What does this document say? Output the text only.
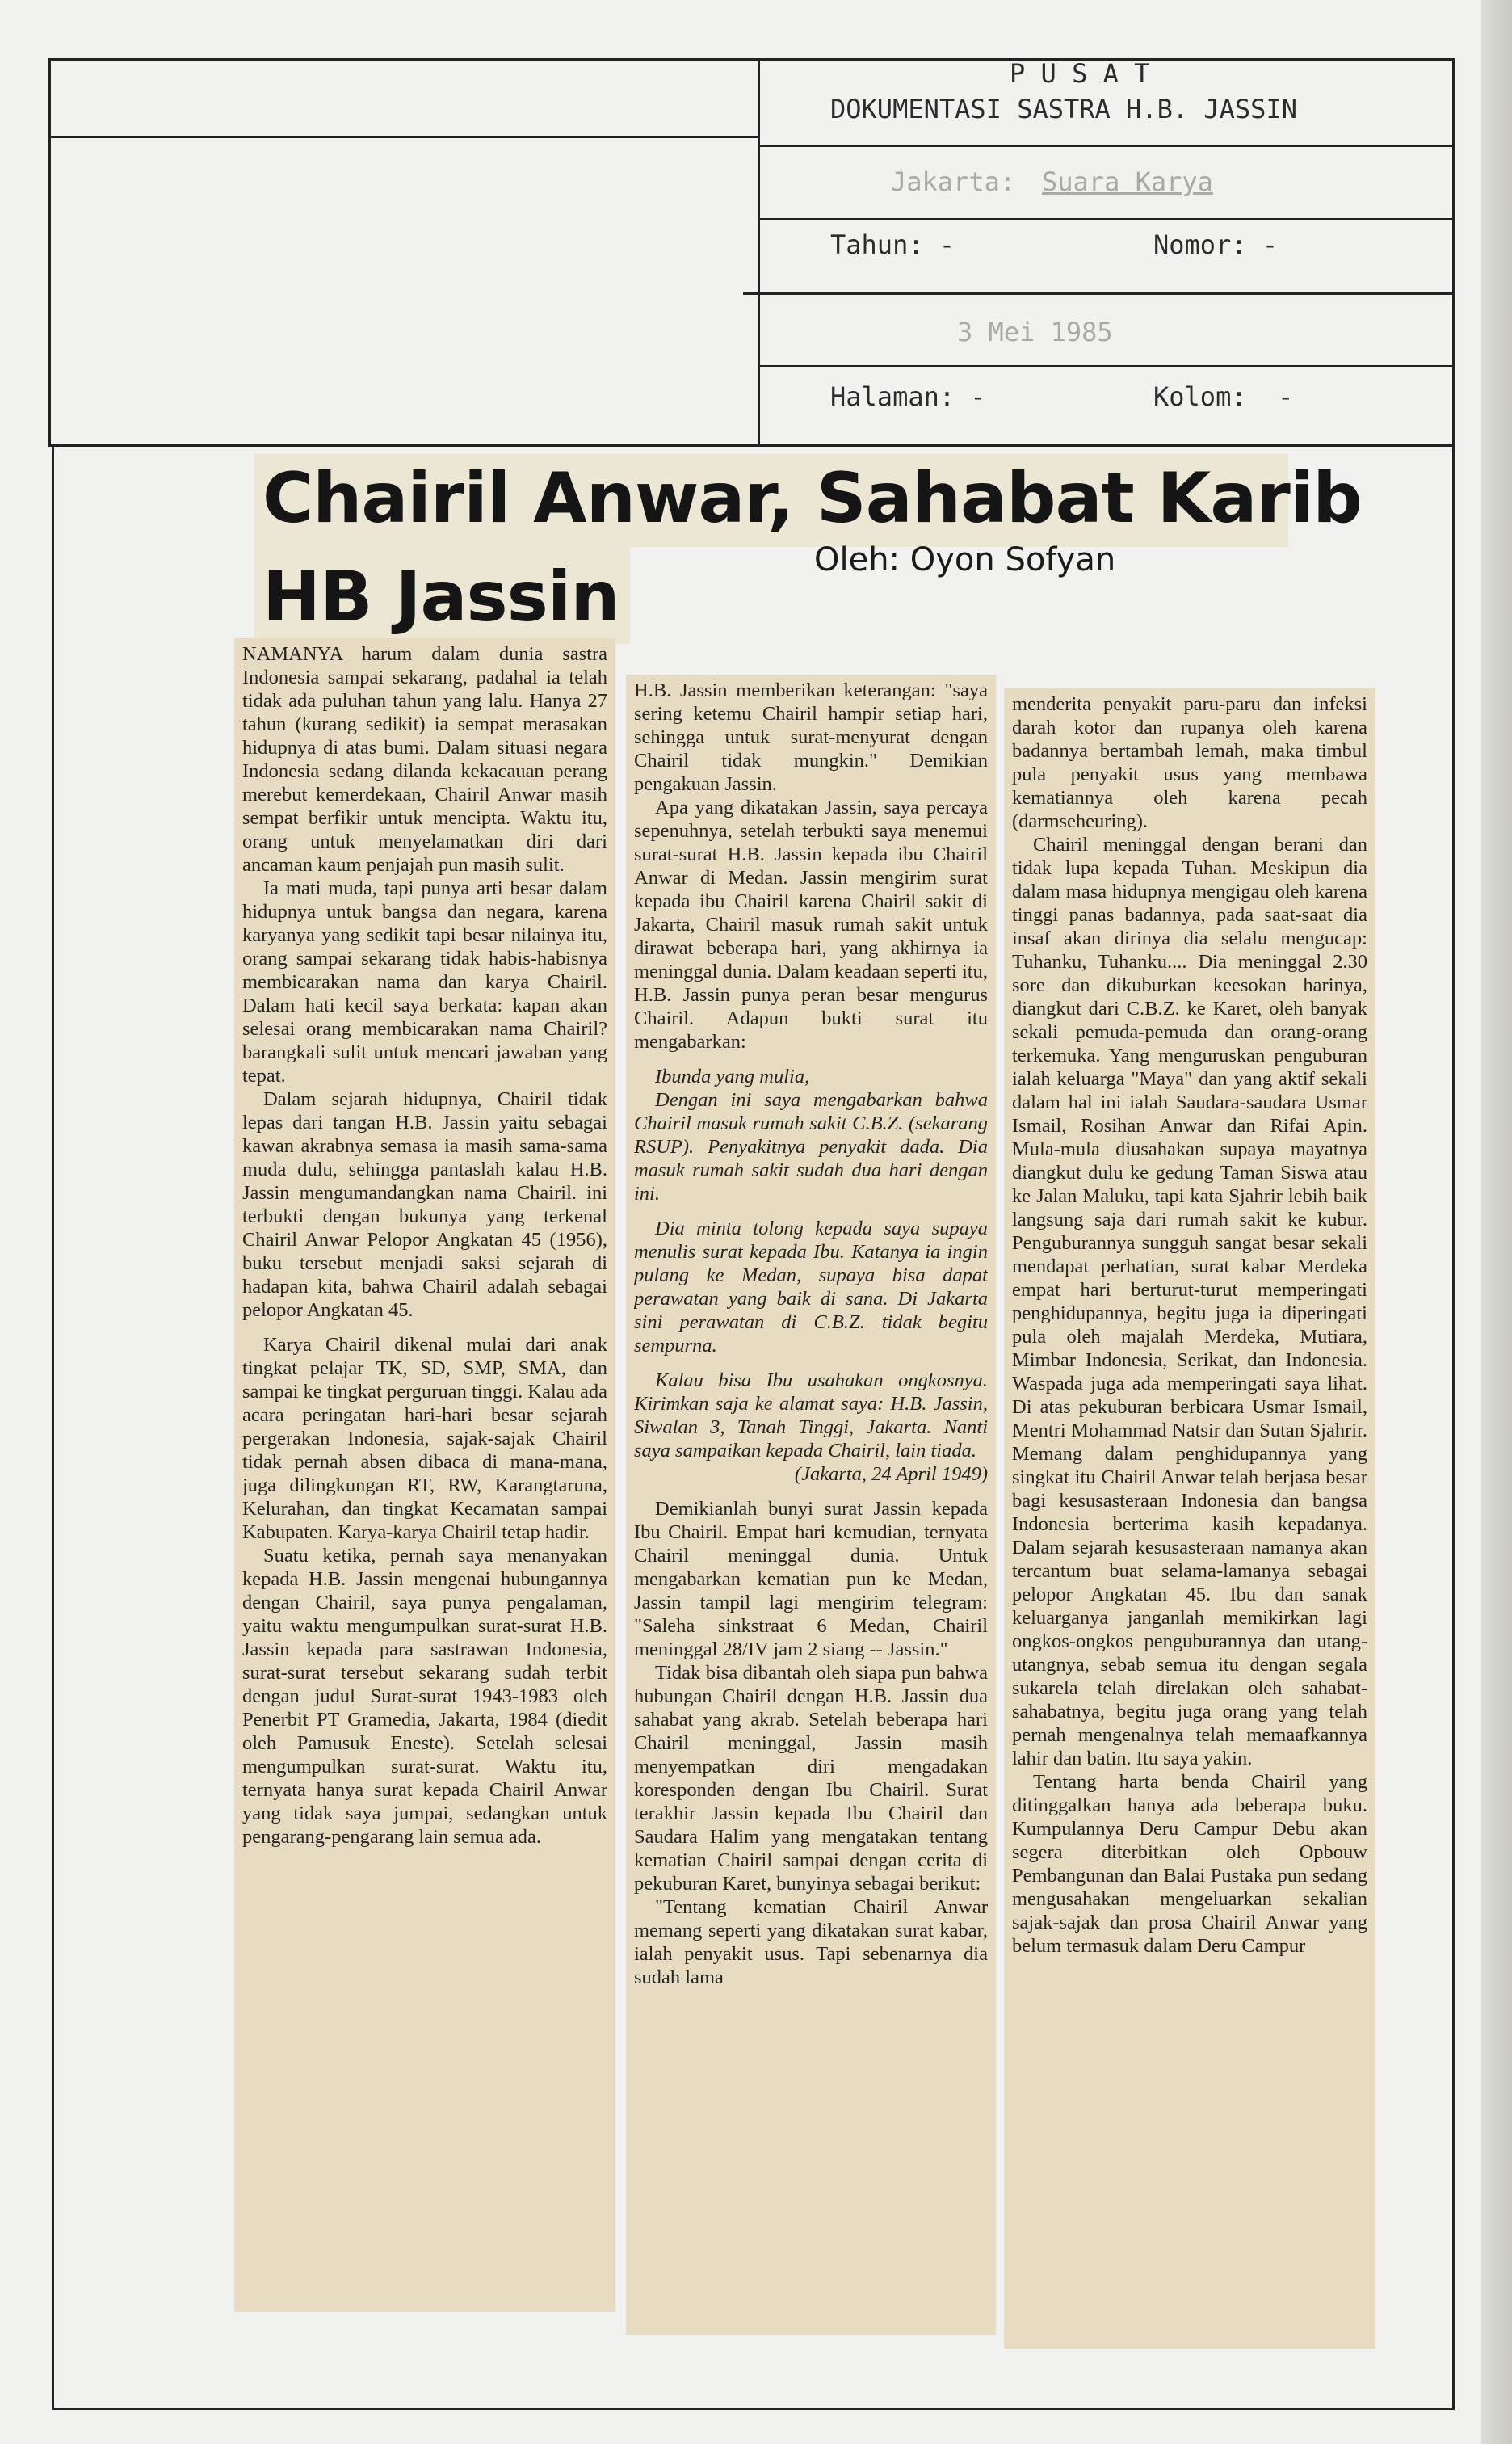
P U S A T
DOKUMENTASI SASTRA H.B. JASSIN
Jakarta: Suara Karya
Tahun: -	Nomor: -
3 Mei 1985
Halaman: -	Kolom:  -
Chairil Anwar, Sahabat Karib
HB Jassin	Oleh: Oyon Sofyan

NAMANYA harum dalam dunia sastra Indonesia sampai sekarang, padahal ia telah tidak ada puluhan tahun yang lalu. Hanya 27 tahun (kurang sedikit) ia sempat merasakan hidupnya di atas bumi. Dalam situasi negara Indonesia sedang dilanda kekacauan perang merebut kemerdekaan, Chairil Anwar masih sempat berfikir untuk mencipta. Waktu itu, orang untuk menyelamatkan diri dari ancaman kaum penjajah pun masih sulit.

Ia mati muda, tapi punya arti besar dalam hidupnya untuk bangsa dan negara, karena karyanya yang sedikit tapi besar nilainya itu, orang sampai sekarang tidak habis-habisnya membicarakan nama dan karya Chairil. Dalam hati kecil saya berkata: kapan akan selesai orang membicarakan nama Chairil? barangkali sulit untuk mencari jawaban yang tepat.

Dalam sejarah hidupnya, Chairil tidak lepas dari tangan H.B. Jassin yaitu sebagai kawan akrabnya semasa ia masih sama-sama muda dulu, sehingga pantaslah kalau H.B. Jassin mengumandangkan nama Chairil. ini terbukti dengan bukunya yang terkenal Chairil Anwar Pelopor Angkatan 45 (1956), buku tersebut menjadi saksi sejarah di hadapan kita, bahwa Chairil adalah sebagai pelopor Angkatan 45.

Karya Chairil dikenal mulai dari anak tingkat pelajar TK, SD, SMP, SMA, dan sampai ke tingkat perguruan tinggi. Kalau ada acara peringatan hari-hari besar sejarah pergerakan Indonesia, sajak-sajak Chairil tidak pernah absen dibaca di mana-mana, juga dilingkungan RT, RW, Karangtaruna, Kelurahan, dan tingkat Kecamatan sampai Kabupaten. Karya-karya Chairil tetap hadir.

Suatu ketika, pernah saya menanyakan kepada H.B. Jassin mengenai hubungannya dengan Chairil, saya punya pengalaman, yaitu waktu mengumpulkan surat-surat H.B. Jassin kepada para sastrawan Indonesia, surat-surat tersebut sekarang sudah terbit dengan judul Surat-surat 1943-1983 oleh Penerbit PT Gramedia, Jakarta, 1984 (diedit oleh Pamusuk Eneste). Setelah selesai mengumpulkan surat-surat. Waktu itu, ternyata hanya surat kepada Chairil Anwar yang tidak saya jumpai, sedangkan untuk pengarang-pengarang lain semua ada.

H.B. Jassin memberikan keterangan: "saya sering ketemu Chairil hampir setiap hari, sehingga untuk surat-menyurat dengan Chairil tidak mungkin." Demikian pengakuan Jassin.

Apa yang dikatakan Jassin, saya percaya sepenuhnya, setelah terbukti saya menemui surat-surat H.B. Jassin kepada ibu Chairil Anwar di Medan. Jassin mengirim surat kepada ibu Chairil karena Chairil sakit di Jakarta, Chairil masuk rumah sakit untuk dirawat beberapa hari, yang akhirnya ia meninggal dunia. Dalam keadaan seperti itu, H.B. Jassin punya peran besar mengurus Chairil. Adapun bukti surat itu mengabarkan:

Ibunda yang mulia,

Dengan ini saya mengabarkan bahwa Chairil masuk rumah sakit C.B.Z. (sekarang RSUP). Penyakitnya penyakit dada. Dia masuk rumah sakit sudah dua hari dengan ini.

Dia minta tolong kepada saya supaya menulis surat kepada Ibu. Katanya ia ingin pulang ke Medan, supaya bisa dapat perawatan yang baik di sana. Di Jakarta sini perawatan di C.B.Z. tidak begitu sempurna.

Kalau bisa Ibu usahakan ongkosnya. Kirimkan saja ke alamat saya: H.B. Jassin, Siwalan 3, Tanah Tinggi, Jakarta. Nanti saya sampaikan kepada Chairil, lain tiada.

(Jakarta, 24 April 1949)

Demikianlah bunyi surat Jassin kepada Ibu Chairil. Empat hari kemudian, ternyata Chairil meninggal dunia. Untuk mengabarkan kematian pun ke Medan, Jassin tampil lagi mengirim telegram: "Saleha sinkstraat 6 Medan, Chairil meninggal 28/IV jam 2 siang -- Jassin."

Tidak bisa dibantah oleh siapa pun bahwa hubungan Chairil dengan H.B. Jassin dua sahabat yang akrab. Setelah beberapa hari Chairil meninggal, Jassin masih menyempatkan diri mengadakan koresponden dengan Ibu Chairil. Surat terakhir Jassin kepada Ibu Chairil dan Saudara Halim yang mengatakan tentang kematian Chairil sampai dengan cerita di pekuburan Karet, bunyinya sebagai berikut:

"Tentang kematian Chairil Anwar memang seperti yang dikatakan surat kabar, ialah penyakit usus. Tapi sebenarnya dia sudah lama

menderita penyakit paru-paru dan infeksi darah kotor dan rupanya oleh karena badannya bertambah lemah, maka timbul pula penyakit usus yang membawa kematiannya oleh karena pecah (darmseheuring).

Chairil meninggal dengan berani dan tidak lupa kepada Tuhan. Meskipun dia dalam masa hidupnya mengigau oleh karena tinggi panas badannya, pada saat-saat dia insaf akan dirinya dia selalu mengucap: Tuhanku, Tuhanku.... Dia meninggal 2.30 sore dan dikuburkan keesokan harinya, diangkut dari C.B.Z. ke Karet, oleh banyak sekali pemuda-pemuda dan orang-orang terkemuka. Yang menguruskan penguburan ialah keluarga "Maya" dan yang aktif sekali dalam hal ini ialah Saudara-saudara Usmar Ismail, Rosihan Anwar dan Rifai Apin. Mula-mula diusahakan supaya mayatnya diangkut dulu ke gedung Taman Siswa atau ke Jalan Maluku, tapi kata Sjahrir lebih baik langsung saja dari rumah sakit ke kubur. Penguburannya sungguh sangat besar sekali mendapat perhatian, surat kabar Merdeka empat hari berturut-turut memperingati penghidupannya, begitu juga ia diperingati pula oleh majalah Merdeka, Mutiara, Mimbar Indonesia, Serikat, dan Indonesia. Waspada juga ada memperingati saya lihat. Di atas pekuburan berbicara Usmar Ismail, Mentri Mohammad Natsir dan Sutan Sjahrir. Memang dalam penghidupannya yang singkat itu Chairil Anwar telah berjasa besar bagi kesusasteraan Indonesia dan bangsa Indonesia berterima kasih kepadanya. Dalam sejarah kesusasteraan namanya akan tercantum buat selama-lamanya sebagai pelopor Angkatan 45. Ibu dan sanak keluarganya janganlah memikirkan lagi ongkos-ongkos penguburannya dan utang-utangnya, sebab semua itu dengan segala sukarela telah direlakan oleh sahabat-sahabatnya, begitu juga orang yang telah pernah mengenalnya telah memaafkannya lahir dan batin. Itu saya yakin.

Tentang harta benda Chairil yang ditinggalkan hanya ada beberapa buku. Kumpulannya Deru Campur Debu akan segera diterbitkan oleh Opbouw Pembangunan dan Balai Pustaka pun sedang mengusahakan mengeluarkan sekalian sajak-sajak dan prosa Chairil Anwar yang belum termasuk dalam Deru Campur
